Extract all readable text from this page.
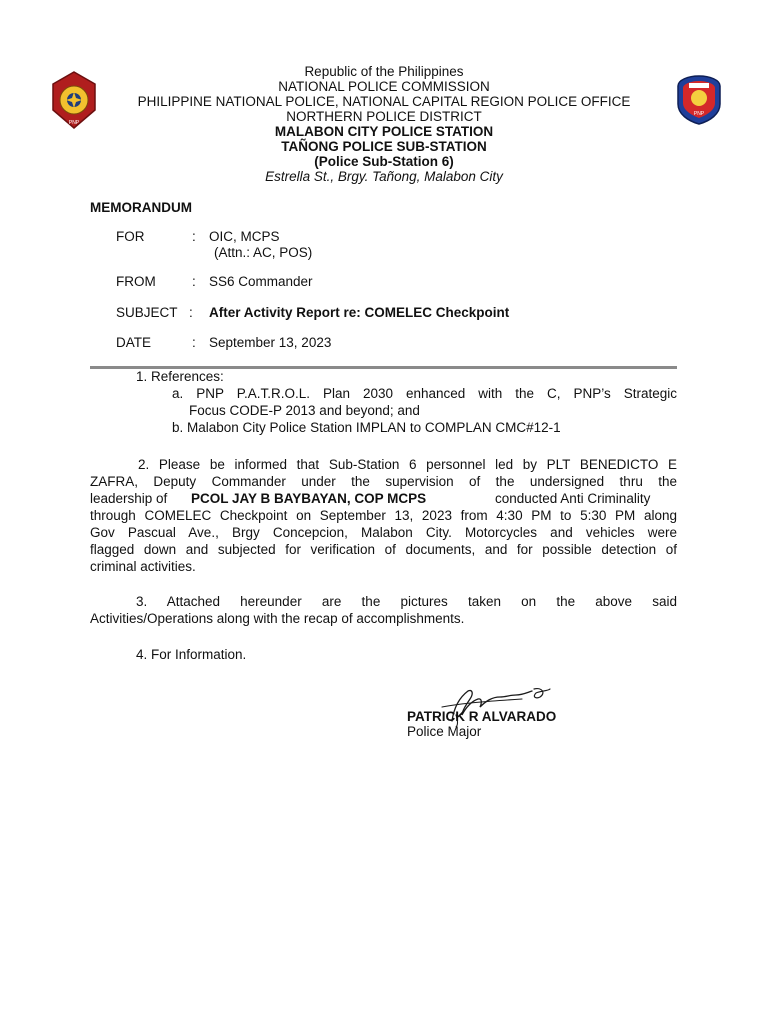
PNP
PNP
Republic of the Philippines
NATIONAL POLICE COMMISSION
PHILIPPINE NATIONAL POLICE, NATIONAL CAPITAL REGION POLICE OFFICE
NORTHERN POLICE DISTRICT
MALABON CITY POLICE STATION
TAÑONG POLICE SUB-STATION
(Police Sub-Station 6)
Estrella St., Brgy. Tañong, Malabon City
MEMORANDUM
FOR	: OIC, MCPS
(Attn.: AC, POS)
FROM	: SS6 Commander
SUBJECT : After Activity Report re: COMELEC Checkpoint
DATE	: September 13, 2023
1. References:
a. PNP P.A.T.R.O.L. Plan 2030 enhanced with the C, PNP’s Strategic
Focus CODE-P 2013 and beyond; and
b. Malabon City Police Station IMPLAN to COMPLAN CMC#12-1
2. Please be informed that Sub-Station 6 personnel led by PLT BENEDICTO E
ZAFRA, Deputy Commander under the supervision of the undersigned thru the
leadership of PCOL JAY B BAYBAYAN, COP MCPS	conducted Anti Criminality
through COMELEC Checkpoint on September 13, 2023 from 4:30 PM to 5:30 PM along
Gov Pascual Ave., Brgy Concepcion, Malabon City. Motorcycles and vehicles were
flagged down and subjected for verification of documents, and for possible detection of
criminal activities.
3. Attached hereunder are the pictures taken on the above said
Activities/Operations along with the recap of accomplishments.
4. For Information.
PATRICK R ALVARADO
Police Major
